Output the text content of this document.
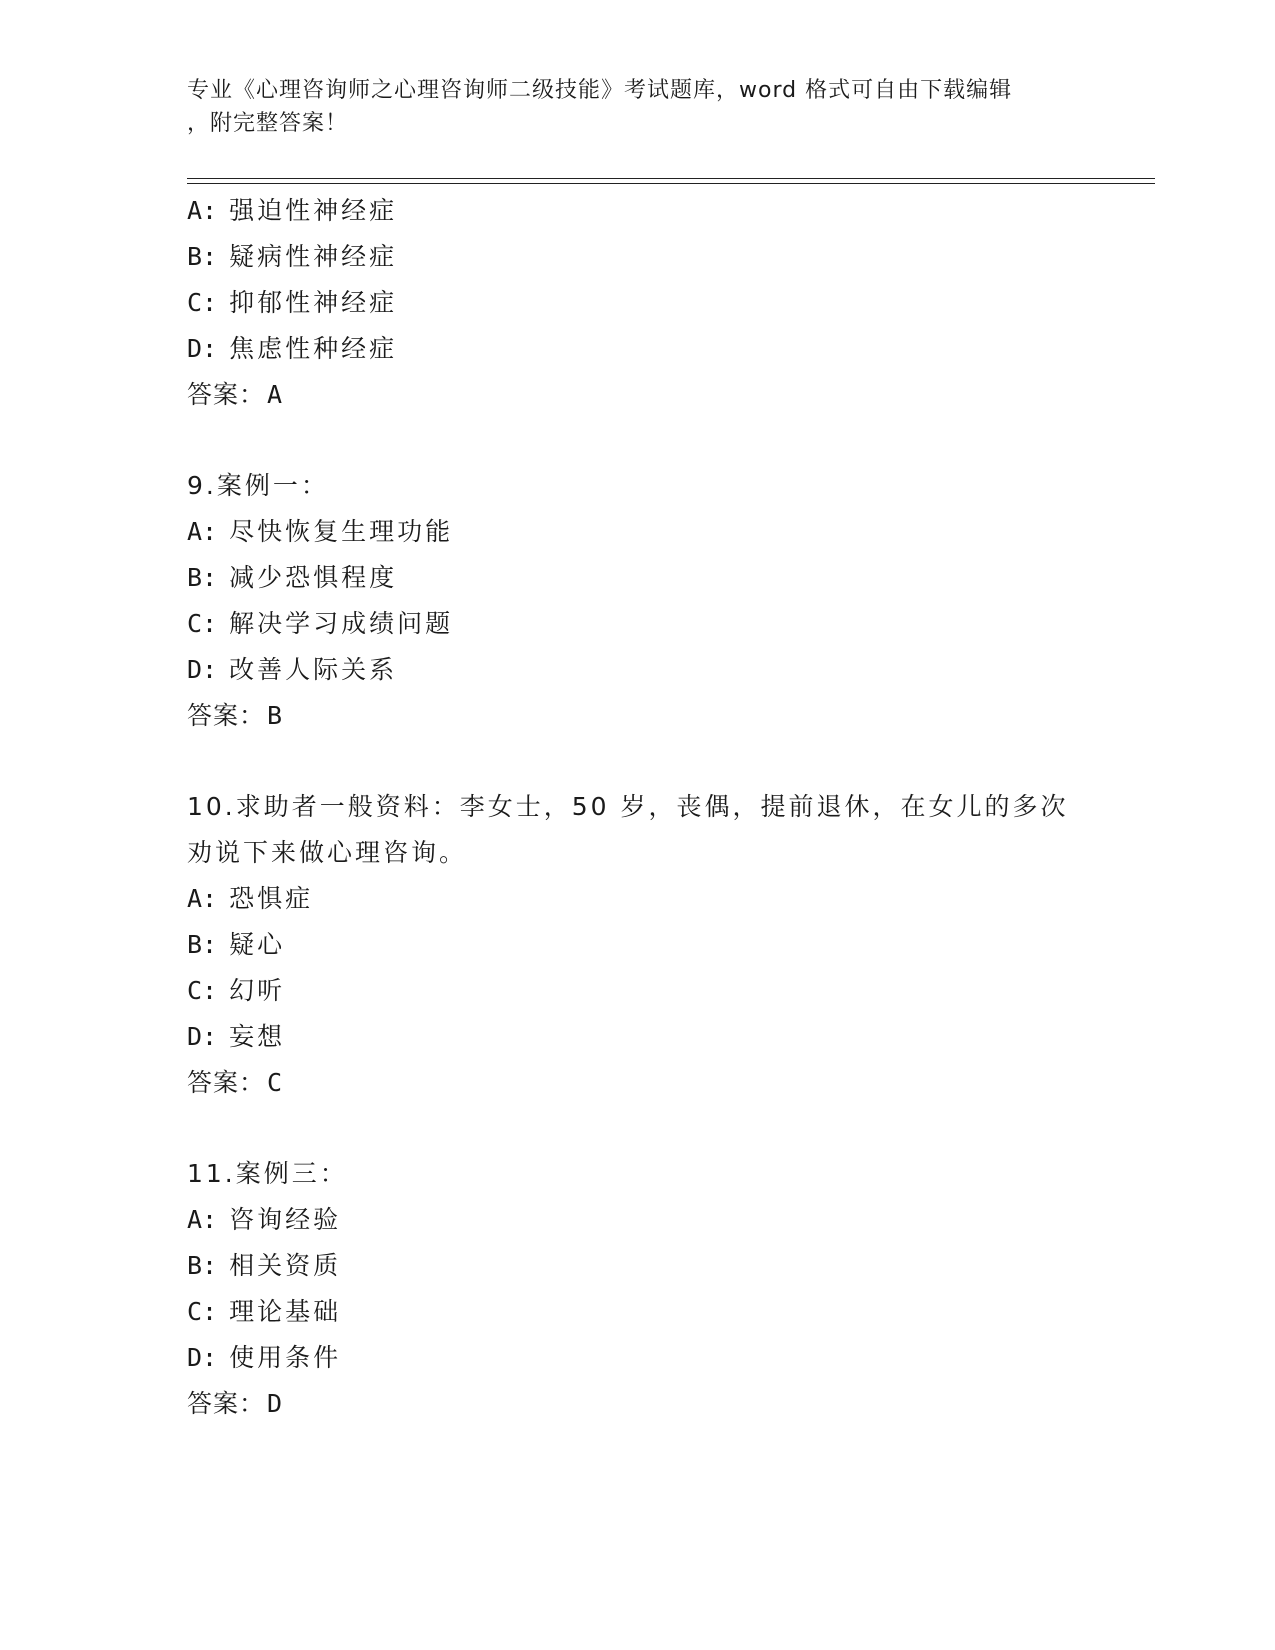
专业《心理咨询师之心理咨询师二级技能》考试题库，word 格式可自由下载编辑
，附完整答案！
A: 强迫性神经症
B: 疑病性神经症
C: 抑郁性神经症
D: 焦虑性种经症
答案：A
9.案例一：
A: 尽快恢复生理功能
B: 减少恐惧程度
C: 解决学习成绩问题
D: 改善人际关系
答案：B
10.求助者一般资料：李女士，50 岁，丧偶，提前退休，在女儿的多次
劝说下来做心理咨询。
A: 恐惧症
B: 疑心
C: 幻听
D: 妄想
答案：C
11.案例三：
A: 咨询经验
B: 相关资质
C: 理论基础
D: 使用条件
答案：D
